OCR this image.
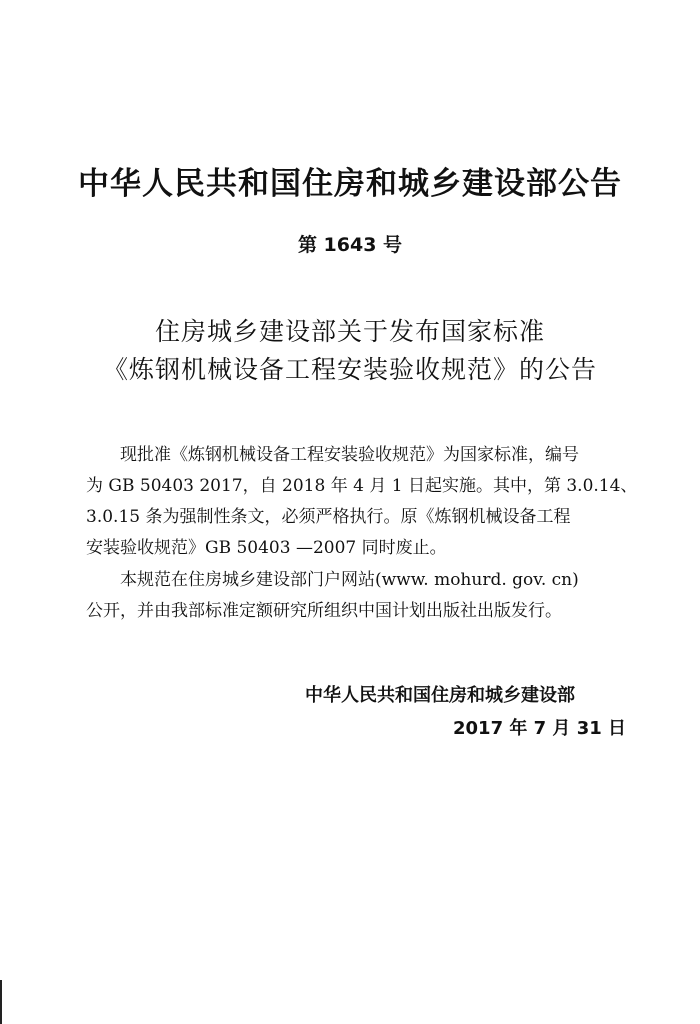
中华人民共和国住房和城乡建设部公告
第 1643 号
住房城乡建设部关于发布国家标准
《炼钢机械设备工程安装验收规范》的公告
现批准《炼钢机械设备工程安装验收规范》为国家标准，编号
为 GB 50403 2017，自 2018 年 4 月 1 日起实施。其中，第 3.0.14、
3.0.15 条为强制性条文，必须严格执行。原《炼钢机械设备工程
安装验收规范》GB 50403 —2007 同时废止。
本规范在住房城乡建设部门户网站(www. mohurd. gov. cn)
公开，并由我部标准定额研究所组织中国计划出版社出版发行。
中华人民共和国住房和城乡建设部
2017 年 7 月 31 日
